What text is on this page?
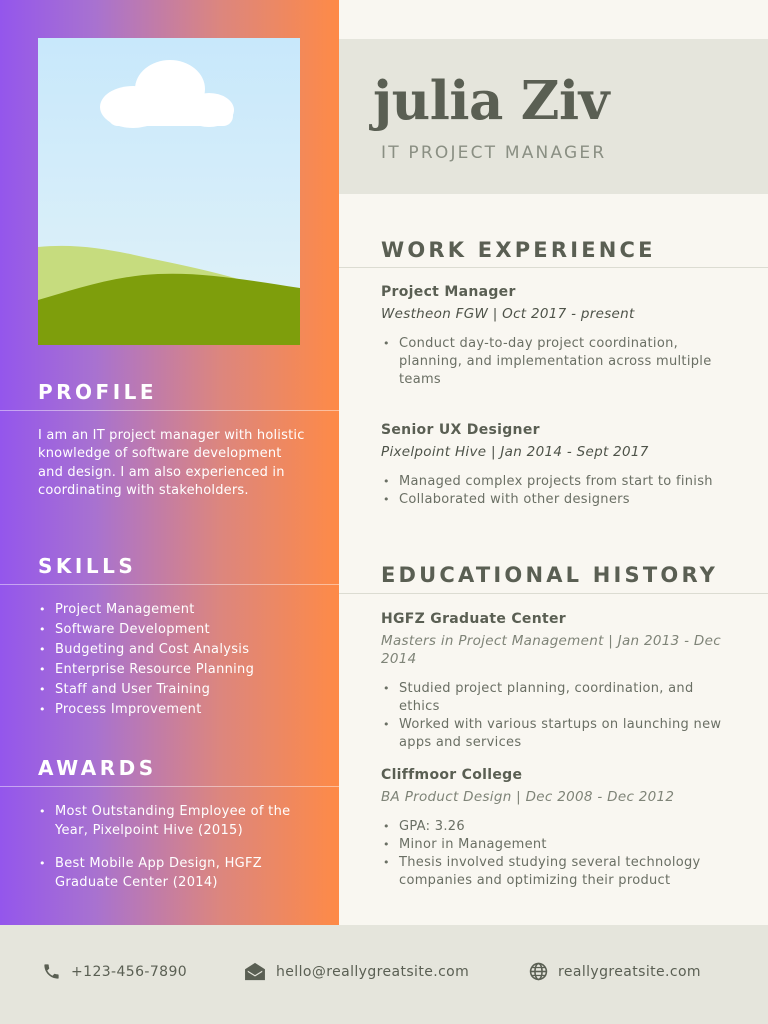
PROFILE

I am an IT project manager with holistic knowledge of software development and design. I am also experienced in coordinating with stakeholders.

SKILLS
• Project Management
• Software Development
• Budgeting and Cost Analysis
• Enterprise Resource Planning
• Staff and User Training
• Process Improvement
AWARDS
• Most Outstanding Employee of the Year, Pixelpoint Hive (2015)
• Best Mobile App Design, HGFZ Graduate Center (2014)
julia Ziv

IT PROJECT MANAGER

WORK EXPERIENCE

Project Manager

Westheon FGW | Oct 2017 - present

• Conduct day-to-day project coordination, planning, and implementation across multiple teams

Senior UX Designer

Pixelpoint Hive | Jan 2014 - Sept 2017

• Managed complex projects from start to finish
• Collaborated with other designers
EDUCATIONAL HISTORY

HGFZ Graduate Center

Masters in Project Management | Jan 2013 - Dec 2014

• Studied project planning, coordination, and ethics
• Worked with various startups on launching new apps and services

Cliffmoor College

BA Product Design | Dec 2008 - Dec 2012

• GPA: 3.26
• Minor in Management
• Thesis involved studying several technology companies and optimizing their product
+123-456-7890	hello@reallygreatsite.com	reallygreatsite.com
